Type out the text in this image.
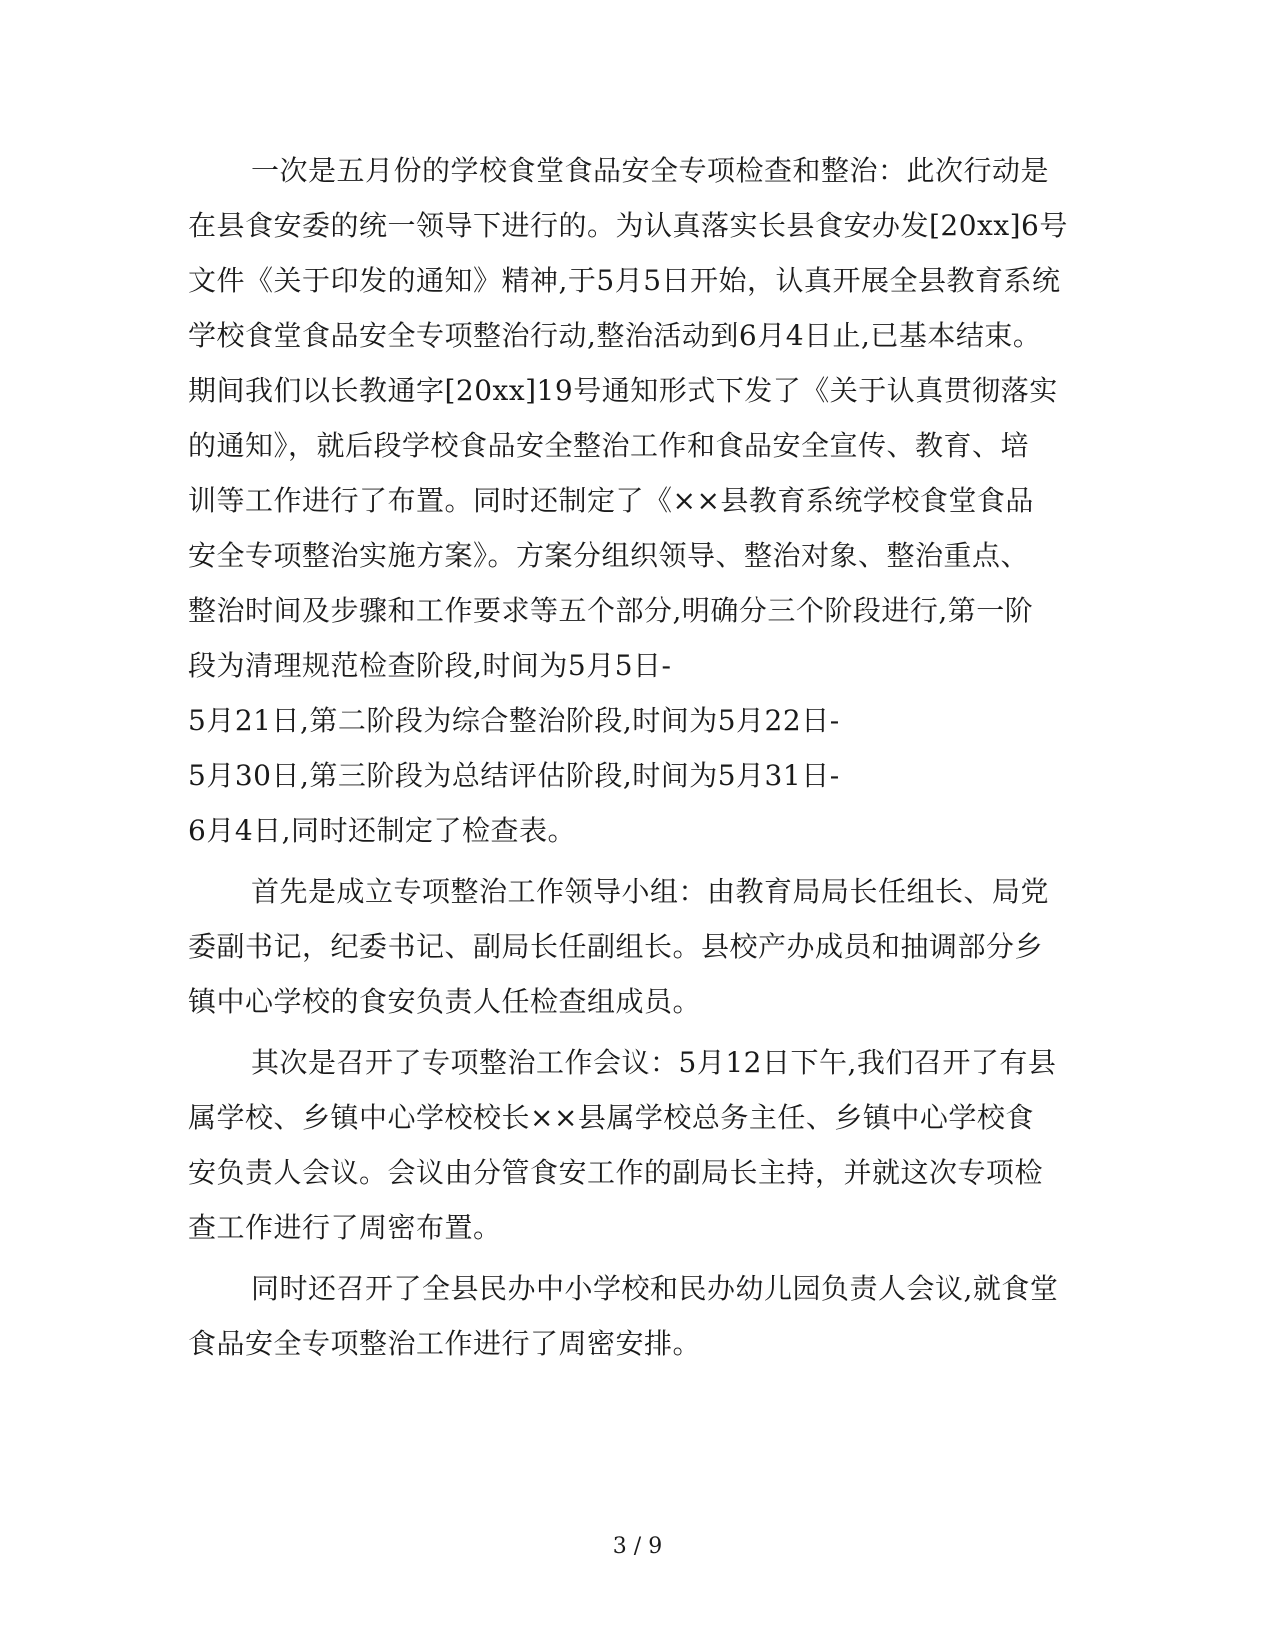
一次是五月份的学校食堂食品安全专项检查和整治：此次行动是
在县食安委的统一领导下进行的。为认真落实长县食安办发[20xx]6号
文件《关于印发的通知》精神,于5月5日开始，认真开展全县教育系统
学校食堂食品安全专项整治行动,整治活动到6月4日止,已基本结束。
期间我们以长教通字[20xx]19号通知形式下发了《关于认真贯彻落实
的通知》，就后段学校食品安全整治工作和食品安全宣传、教育、培
训等工作进行了布置。同时还制定了《××县教育系统学校食堂食品
安全专项整治实施方案》。方案分组织领导、整治对象、整治重点、
整治时间及步骤和工作要求等五个部分,明确分三个阶段进行,第一阶
段为清理规范检查阶段,时间为5月5日-
5月21日,第二阶段为综合整治阶段,时间为5月22日-
5月30日,第三阶段为总结评估阶段,时间为5月31日-
6月4日,同时还制定了检查表。
首先是成立专项整治工作领导小组：由教育局局长任组长、局党
委副书记，纪委书记、副局长任副组长。县校产办成员和抽调部分乡
镇中心学校的食安负责人任检查组成员。
其次是召开了专项整治工作会议：5月12日下午,我们召开了有县
属学校、乡镇中心学校校长××县属学校总务主任、乡镇中心学校食
安负责人会议。会议由分管食安工作的副局长主持，并就这次专项检
查工作进行了周密布置。
同时还召开了全县民办中小学校和民办幼儿园负责人会议,就食堂
食品安全专项整治工作进行了周密安排。
3 / 9
